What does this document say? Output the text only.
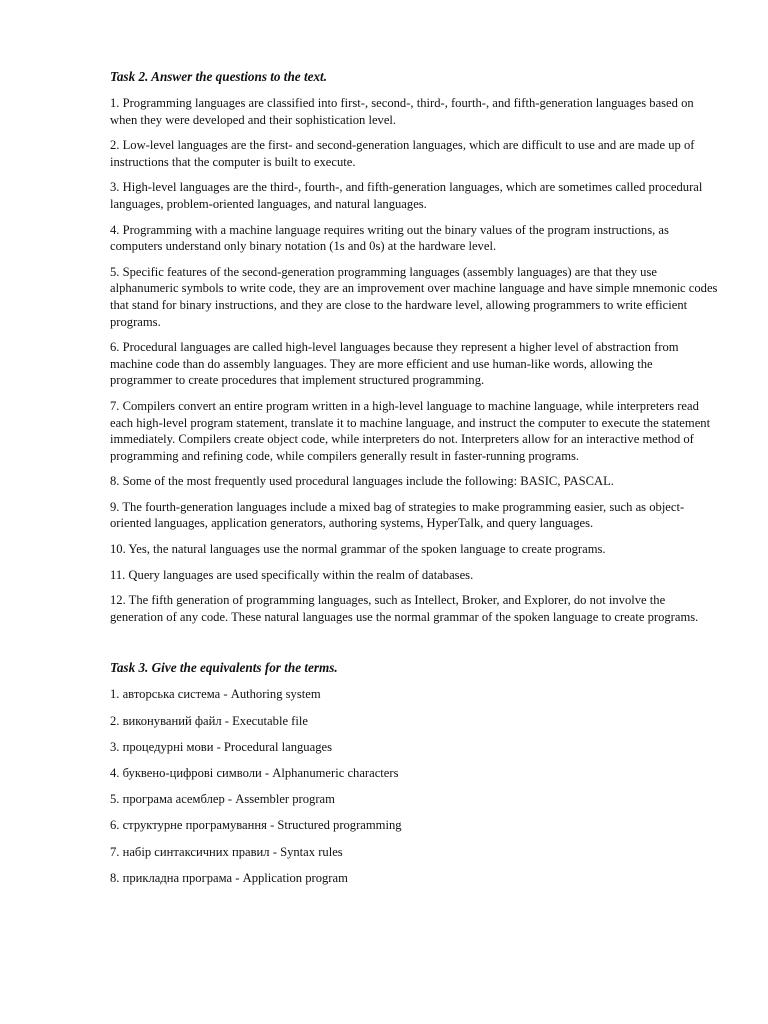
Task 2. Answer the questions to the text.

1. Programming languages are classified into first-, second-, third-, fourth-, and fifth-generation languages based on when they were developed and their sophistication level.

2. Low-level languages are the first- and second-generation languages, which are difficult to use and are made up of instructions that the computer is built to execute.

3. High-level languages are the third-, fourth-, and fifth-generation languages, which are sometimes called procedural languages, problem-oriented languages, and natural languages.

4. Programming with a machine language requires writing out the binary values of the program instructions, as computers understand only binary notation (1s and 0s) at the hardware level.

5. Specific features of the second-generation programming languages (assembly languages) are that they use alphanumeric symbols to write code, they are an improvement over machine language and have simple mnemonic codes that stand for binary instructions, and they are close to the hardware level, allowing programmers to write efficient programs.

6. Procedural languages are called high-level languages because they represent a higher level of abstraction from machine code than do assembly languages. They are more efficient and use human-like words, allowing the programmer to create procedures that implement structured programming.

7. Compilers convert an entire program written in a high-level language to machine language, while interpreters read each high-level program statement, translate it to machine language, and instruct the computer to execute the statement immediately. Compilers create object code, while interpreters do not. Interpreters allow for an interactive method of programming and refining code, while compilers generally result in faster-running programs.

8. Some of the most frequently used procedural languages include the following: BASIC, PASCAL.

9. The fourth-generation languages include a mixed bag of strategies to make programming easier, such as object-oriented languages, application generators, authoring systems, HyperTalk, and query languages.

10. Yes, the natural languages use the normal grammar of the spoken language to create programs.

11. Query languages are used specifically within the realm of databases.

12. The fifth generation of programming languages, such as Intellect, Broker, and Explorer, do not involve the generation of any code. These natural languages use the normal grammar of the spoken language to create programs.

Task 3. Give the equivalents for the terms.

1. авторська система - Authoring system

2. виконуваний файл - Executable file

3. процедурні мови - Procedural languages

4. буквено-цифрові символи - Alphanumeric characters

5. програма асемблер - Assembler program

6. структурне програмування - Structured programming

7. набір синтаксичних правил - Syntax rules

8. прикладна програма - Application program
